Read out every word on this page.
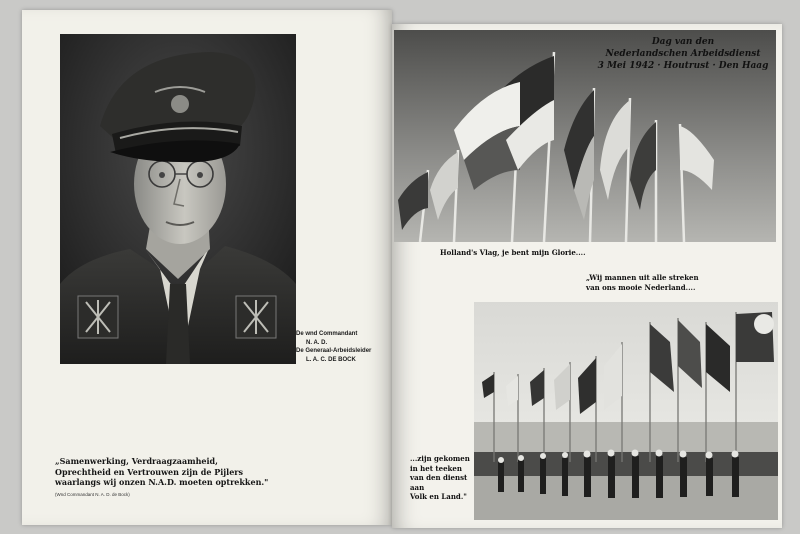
De wnd Commandant
N. A. D.
De Generaal-Arbeidsleider
L. A. C. DE BOCK
„Samenwerking, Verdraagzaamheid,
Oprechtheid en Vertrouwen zijn de Pijlers
waarlangs wij onzen N.A.D. moeten optrekken."
(Wnd Commandant N. A. D. de Bock)
Dag van den
Nederlandschen Arbeidsdienst
3 Mei 1942 · Houtrust · Den Haag
Holland's Vlag, je bent mijn Glorie....
„Wij mannen uit alle streken
van ons mooie Nederland....
...zijn gekomen
in het teeken
van den dienst
aan
Volk en Land."
